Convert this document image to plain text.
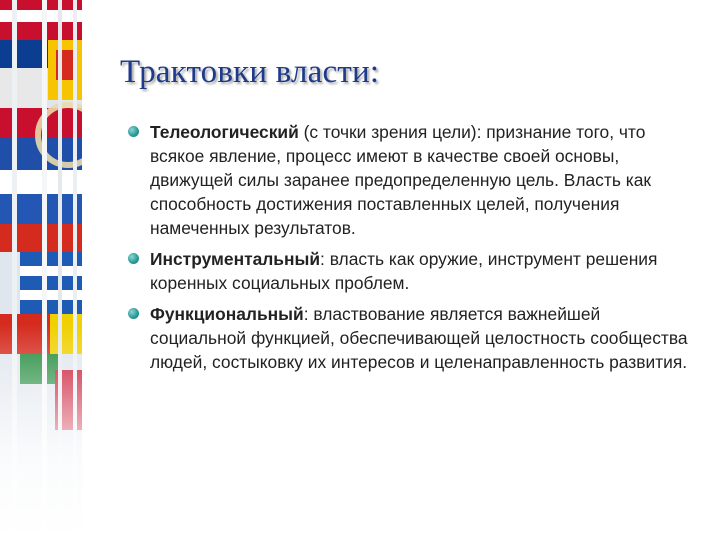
Трактовки власти:
Телеологический (с точки зрения цели): признание того, что всякое явление, процесс имеют в качестве своей основы, движущей силы заранее предопределенную цель. Власть как способность достижения поставленных целей, получения намеченных результатов.
Инструментальный: власть как оружие, инструмент решения коренных социальных проблем.
Функциональный: властвование является важнейшей социальной функцией, обеспечивающей целостность сообщества людей, состыковку их интересов и целенаправленность развития.
